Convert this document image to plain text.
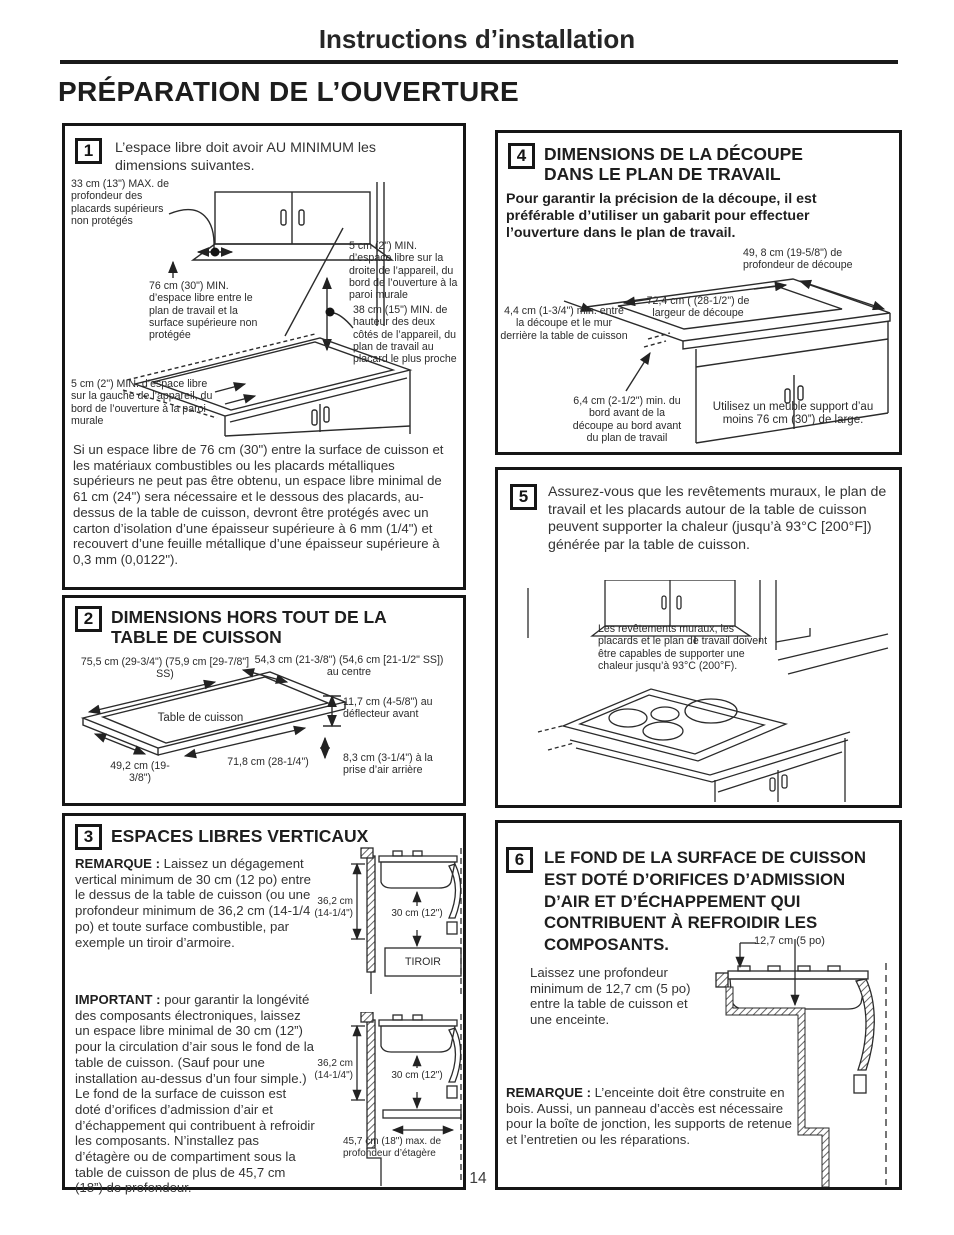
Instructions d’installation
PRÉPARATION DE L’OUVERTURE
1	L’espace libre doit avoir AU MINIMUM les dimensions suivantes.
33 cm (13") MAX. de profondeur des placards supérieurs non protégés
5 cm (2") MIN. d’espace libre sur la droite de l’appareil, du bord de l’ouverture à la paroi murale
76 cm (30") MIN. d’espace libre entre le plan de travail et la surface supérieure non protégée
38 cm (15") MIN. de hauteur des deux côtés de l’appareil, du plan de travail au placard le plus proche
5 cm (2") MIN. d’espace libre sur la gauche de l’appareil, du bord de l’ouverture à la paroi murale
Si un espace libre de 76 cm (30") entre la surface de cuisson et les matériaux combustibles ou les placards métalliques supérieurs ne peut pas être obtenu, un espace libre minimal de 61 cm (24") sera nécessaire et le dessous des placards, au-dessus de la table de cuisson, devront être protégés avec un carton d’isolation d’une épaisseur supérieure à 6 mm (1/4") et recouvert d’une feuille métallique d’une épaisseur supérieure à 0,3 mm (0,0122").
2	DIMENSIONS HORS TOUT DE LA TABLE DE CUISSON
75,5 cm (29-3/4") (75,9 cm [29-7/8"] SS)
54,3 cm (21-3/8") (54,6 cm [21-1/2" SS]) au centre
Table de cuisson
11,7 cm (4-5/8") au déflecteur avant
49,2 cm (19-3/8")
71,8 cm (28-1/4")	8,3 cm (3-1/4") à la prise d’air arrière
3	ESPACES LIBRES VERTICAUX
REMARQUE : Laissez un dégagement vertical minimum de 30 cm (12 po) entre le dessus de la table de cuisson (ou une profondeur minimum de 36,2 cm (14-1/4 po) et toute surface combustible, par exemple un tiroir d’armoire.
IMPORTANT : pour garantir la longévité des composants électroniques, laissez un espace libre minimal de 30 cm (12”) pour la circulation d’air sous le fond de la table de cuisson. (Sauf pour une installation au-dessus d’un four simple.) Le fond de la surface de cuisson est doté d’orifices d’admission d’air et d’échappement qui contribuent à refroidir les composants. N’installez pas d’étagère ou de compartiment sous la table de cuisson de plus de 45,7 cm (18”) de profondeur.
36,2 cm (14-1/4")	30 cm (12")
TIROIR
36,2 cm (14-1/4")	30 cm (12")
45,7 cm (18") max. de profondeur d’étagère
4	DIMENSIONS DE LA DÉCOUPE DANS LE PLAN DE TRAVAIL
Pour garantir la précision de la découpe, il est préférable d’utiliser un gabarit pour effectuer l’ouverture dans le plan de travail.
49, 8 cm (19-5/8") de profondeur de découpe
72,4 cm ( (28-1/2") de largeur de découpe
4,4 cm (1-3/4") min. entre la découpe et le mur derrière la table de cuisson
6,4 cm (2-1/2") min. du bord avant de la découpe au bord avant du plan de travail
Utilisez un meuble support d’au moins 76 cm (30”) de large.
5	Assurez-vous que les revêtements muraux, le plan de travail et les placards autour de la table de cuisson peuvent supporter la chaleur (jusqu’à 93°C [200°F]) générée par la table de cuisson.
Les revêtements muraux, les placards et le plan de travail doivent être capables de supporter une chaleur jusqu’à 93°C (200°F).
6	LE FOND DE LA SURFACE DE CUISSON EST DOTÉ D’ORIFICES D’ADMISSION D’AIR ET D’ÉCHAPPEMENT QUI CONTRIBUENT À REFROIDIR LES COMPOSANTS.	12,7 cm (5 po)
Laissez une profondeur minimum de 12,7 cm (5 po) entre la table de cuisson et une enceinte.
REMARQUE : L’enceinte doit être construite en bois. Aussi, un panneau d’accès est nécessaire pour la boîte de jonction, les supports de retenue et l’entretien ou les réparations.
14
